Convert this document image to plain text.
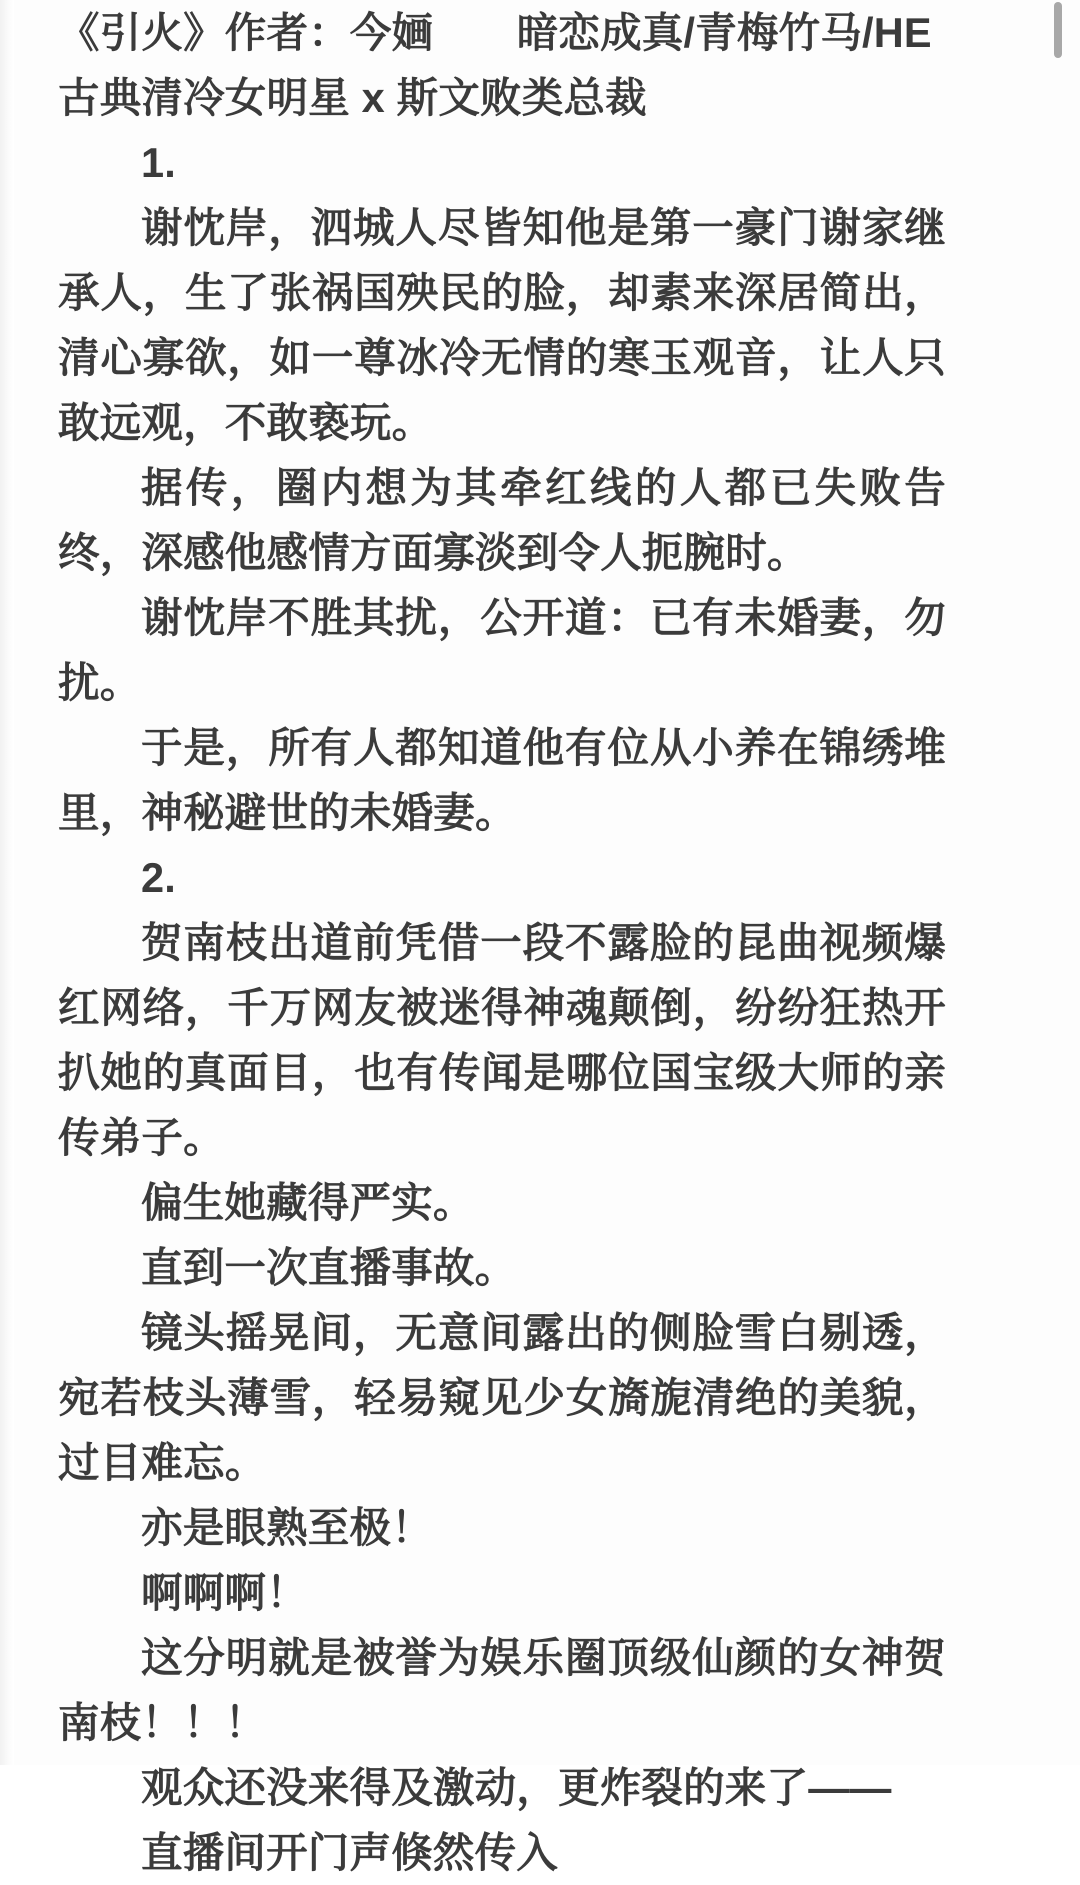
《引火》作者：今婳　　暗恋成真/青梅竹马/HE

古典清冷女明星 x 斯文败类总裁

1.

谢忱岸，泗城人尽皆知他是第一豪门谢家继承人，生了张祸国殃民的脸，却素来深居简出，清心寡欲，如一尊冰冷无情的寒玉观音，让人只敢远观，不敢亵玩。

据传，圈内想为其牵红线的人都已失败告终，深感他感情方面寡淡到令人扼腕时。

谢忱岸不胜其扰，公开道：已有未婚妻，勿扰。

于是，所有人都知道他有位从小养在锦绣堆里，神秘避世的未婚妻。

2.

贺南枝出道前凭借一段不露脸的昆曲视频爆红网络，千万网友被迷得神魂颠倒，纷纷狂热开扒她的真面目，也有传闻是哪位国宝级大师的亲传弟子。

偏生她藏得严实。

直到一次直播事故。

镜头摇晃间，无意间露出的侧脸雪白剔透，宛若枝头薄雪，轻易窥见少女旖旎清绝的美貌，过目难忘。

亦是眼熟至极！

啊啊啊！

这分明就是被誉为娱乐圈顶级仙颜的女神贺南枝！！！

观众还没来得及激动，更炸裂的来了——

直播间开门声倏然传入
